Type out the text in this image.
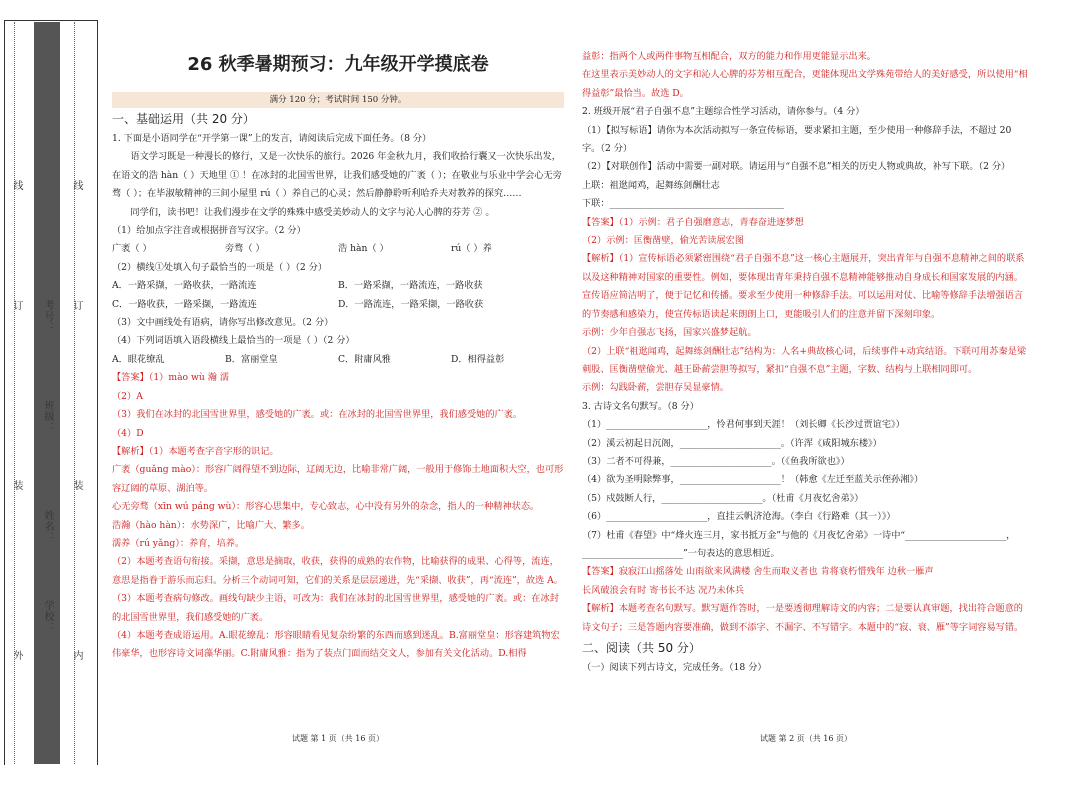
外
订
装
线
学校：
姓名：
班级：
考号：
内
订
装
线
26 秋季暑期预习：九年级开学摸底卷
满分 120 分；考试时间 150 分钟。
一、基础运用（共 20 分）

1. 下面是小语同学在“开学第一课”上的发言，请阅读后完成下面任务。（8 分）

语文学习既是一种漫长的修行，又是一次快乐的旅行。2026 年金秋九月，我们收拾行囊又一次快乐出发，在语文的浩 hàn（ ）天地里 ① ！在冰封的北国雪世界，让我们感受她的广袤（ ）；在敬业与乐业中学会心无旁骛（ ）；在毕淑敏精神的三间小屋里 rú（ ）养自己的心灵；然后静静聆听利哈乔夫对教养的探究……

同学们，读书吧！让我们漫步在文学的殊殊中感受美妙动人的文字与沁人心脾的芬芳 ② 。

（1）给加点字注音或根据拼音写汉字。（2 分）

广袤（ ）	旁骛（ ）	浩 hàn（ ）	rú（ ）养

（2）横线①处填入句子最恰当的一项是（ ）（2 分）

A．一路采撷，一路收获，一路流连	B．一路采撷，一路流连，一路收获
C．一路收获，一路采撷，一路流连	D．一路流连，一路采撷，一路收获

（3）文中画线处有语病，请你写出修改意见。（2 分）

（4）下列词语填入语段横线上最恰当的一项是（ ）（2 分）

A．眼花缭乱	B．富丽堂皇	C．附庸风雅	D．相得益彰

【答案】（1）mào wù 瀚 濡

（2）A

（3）我们在冰封的北国雪世界里，感受她的广袤。或：在冰封的北国雪世界里，我们感受她的广袤。

（4）D

【解析】（1）本题考查字音字形的识记。

广袤（guǎng mào）：形容广阔得望不到边际，辽阔无边，比喻非常广阔，一般用于修饰土地面积大空，也可形容辽阔的草原、湖泊等。

心无旁骛（xīn wú páng wù）：形容心思集中，专心致志，心中没有另外的杂念，指人的一种精神状态。

浩瀚（hào hàn）：水势深广，比喻广大、繁多。

濡养（rú yǎng）：养育，培养。

（2）本题考查语句衔接。采撷，意思是摘取，收获，获得的成熟的农作物，比喻获得的成果、心得等，流连，意思是指眷于游乐而忘归。分析三个动词可知，它们的关系是层层递进，先“采撷、收获”，再“流连”，故选 A。

（3）本题考查病句修改。画线句缺少主语，可改为：我们在冰封的北国雪世界里，感受她的广袤。或：在冰封的北国雪世界里，我们感受她的广袤。

（4）本题考查成语运用。A.眼花缭乱：形容眼睛看见复杂纷繁的东西而感到迷乱。B.富丽堂皇：形容建筑物宏伟豪华，也形容诗文词藻华丽。C.附庸风雅：指为了装点门面而结交文人，参加有关文化活动。D.相得

试题 第 1 页（共 16 页）

益彰：指两个人或两件事物互相配合，双方的能力和作用更能显示出来。

在这里表示美妙动人的文字和沁人心脾的芬芳相互配合，更能体现出文学殊苑带给人的美好感受，所以使用“相得益彰”最恰当。故选 D。

2. 班级开展“君子自强不息”主题综合性学习活动，请你参与。（4 分）

（1）【拟写标语】请你为本次活动拟写一条宣传标语，要求紧扣主题，至少使用一种修辞手法，不超过 20 字。（2 分）

（2）【对联创作】活动中需要一副对联。请运用与“自强不息”相关的历史人物或典故，补写下联。（2 分）

上联：祖逖闻鸡，起舞练剑酬壮志

下联：______________________________________

【答案】（1）示例：君子自强磨意志，青春奋进逐梦想

（2）示例：匡衡凿壁，偷光苦读展宏图

【解析】（1）宣传标语必须紧密围绕“君子自强不息”这一核心主题展开，突出青年与自强不息精神之间的联系以及这种精神对国家的重要性。例如，要体现出青年秉持自强不息精神能够推动自身成长和国家发展的内涵。宣传语应简洁明了，便于记忆和传播。要求至少使用一种修辞手法。可以运用对仗、比喻等修辞手法增强语言的节奏感和感染力，使宣传标语读起来朗朗上口，更能吸引人们的注意并留下深刻印象。

示例：少年自强志飞扬，国家兴盛梦起航。

（2）上联“祖逖闻鸡，起舞练剑酬壮志”结构为：人名+典故核心词，后续事件+动宾结语。下联可用苏秦是梁刺股、匡衡凿壁偷光、越王卧薪尝胆等拟写，紧扣“自强不息”主题，字数、结构与上联相同即可。

示例：勾践卧薪，尝胆存吴显豪情。

3. 古诗文名句默写。（8 分）

（1）______________________，怜君何事到天涯！（刘长卿《长沙过贾谊宅》）

（2）溪云初起日沉阁，______________________。（许浑《咸阳城东楼》）

（3）二者不可得兼，______________________。（《鱼我所欲也》）

（4）欲为圣明除弊事，______________________！（韩愈《左迁至蓝关示侄孙湘》）

（5）戍鼓断人行，______________________。（杜甫《月夜忆舍弟》）

（6）______________________，直挂云帆济沧海。（李白《行路难（其一）》）

（7）杜甫《春望》中“烽火连三月，家书抵万金”与他的《月夜忆舍弟》一诗中“______________________，

______________________”一句表达的意思相近。

【答案】寂寂江山摇落处 山雨欲来风满楼 舍生而取义者也 肯将衰朽惜残年 边秋一雁声

长风破浪会有时 寄书长不达 况乃未休兵

【解析】本题考查名句默写。默写题作答时，一是要透彻理解诗文的内容；二是要认真审题，找出符合题意的诗文句子；三是答题内容要准确，做到不添字、不漏字、不写错字。本题中的“寂、衰、雁”等字词容易写错。

二、阅读（共 50 分）

（一）阅读下列古诗文，完成任务。（18 分）

试题 第 2 页（共 16 页）
